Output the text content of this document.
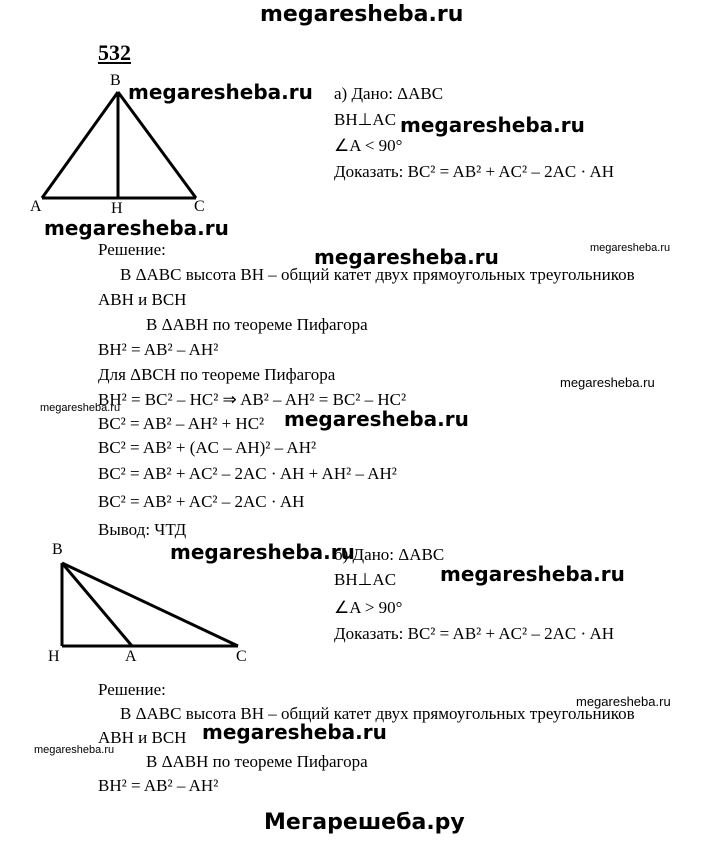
megaresheba.ru
532
B
A	H	C
megaresheba.ru
megaresheba.ru
а) Дано: ΔABC
BH⊥AC megaresheba.ru
∠A < 90°
Доказать: BC² = AB² + AC² – 2AC · AH
Решение:	megaresheba.ru	megaresheba.ru
В ΔABC высота BH – общий катет двух прямоугольных треугольников
ABH и BCH
В ΔABH по теореме Пифагора
BH² = AB² – AH²
Для ΔBCH по теореме Пифагора	megaresheba.ru
BH² = BC² – HC² ⇒ AB² – AH² = BC² – HC²
megaresheba.ru
BC² = AB² – AH² + HC² megaresheba.ru
BC² = AB² + (AC – AH)² – AH²
BC² = AB² + AC² – 2AC · AH + AH² – AH²
BC² = AB² + AC² – 2AC · AH
Вывод: ЧТД
B
H	A	C
megaresheba.ru
б) Дано: ΔABC
BH⊥AC megaresheba.ru
∠A > 90°
Доказать: BC² = AB² + AC² – 2AC · AH
Решение:
megaresheba.ru
В ΔABC высота BH – общий катет двух прямоугольных треугольников
ABH и BCH megaresheba.ru
megaresheba.ru
В ΔABH по теореме Пифагора
BH² = AB² – AH²
Мегарешеба.ру
